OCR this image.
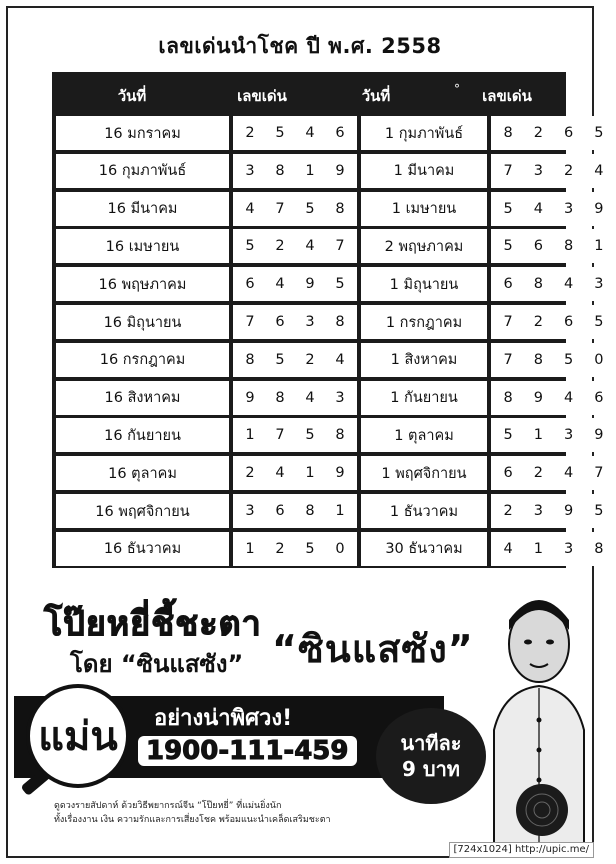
เลขเด่นนำโชค ปี พ.ศ. 2558
วันที่	เลขเด่น	วันที่	°	เลขเด่น
16 มกราคม	2 5 4 6	1 กุมภาพันธ์	8 2 6 5
16 กุมภาพันธ์	3 8 1 9	1 มีนาคม	7 3 2 4
16 มีนาคม	4 7 5 8	1 เมษายน	5 4 3 9
16 เมษายน	5 2 4 7	2 พฤษภาคม	5 6 8 1
16 พฤษภาคม	6 4 9 5	1 มิถุนายน	6 8 4 3
16 มิถุนายน	7 6 3 8	1 กรกฎาคม	7 2 6 5
16 กรกฎาคม	8 5 2 4	1 สิงหาคม	7 8 5 0
16 สิงหาคม	9 8 4 3	1 กันยายน	8 9 4 6
16 กันยายน	1 7 5 8	1 ตุลาคม	5 1 3 9
16 ตุลาคม	2 4 1 9	1 พฤศจิกายน	6 2 4 7
16 พฤศจิกายน	3 6 8 1	1 ธันวาคม	2 3 9 5
16 ธันวาคม	1 2 5 0	30 ธันวาคม	4 1 3 8
โป๊ยหยี่ชี้ชะตา
โดย “ซินแสซัง” “ซินแสซัง”
แม่น อย่างน่าพิศวง!
1900-111-459	นาทีละ
9 บาท
ดูดวงรายสัปดาห์ ด้วยวิธีพยากรณ์จีน “โป๊ยหยี่” ที่แม่นยิ่งนัก
ทั้งเรื่องงาน เงิน ความรักและการเสี่ยงโชค พร้อมแนะนำเคล็ดเสริมชะตา
[724x1024] http://upic.me/
